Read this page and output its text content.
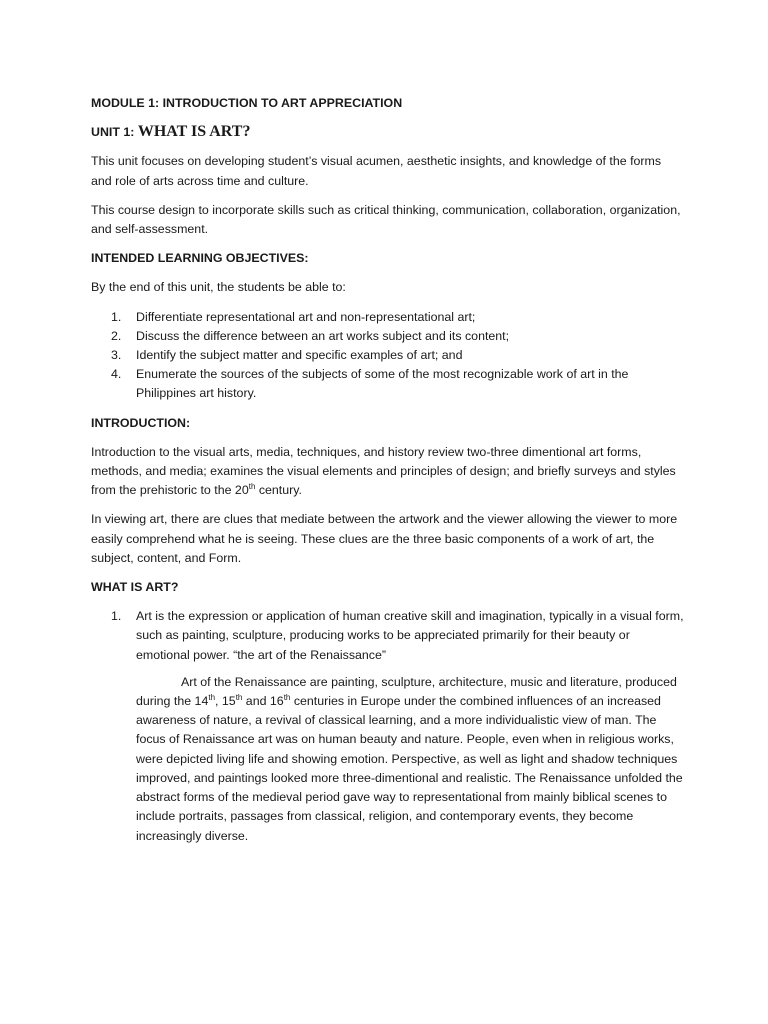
MODULE 1: INTRODUCTION TO ART APPRECIATION

UNIT 1: WHAT IS ART?

This unit focuses on developing student’s visual acumen, aesthetic insights, and knowledge of the forms and role of arts across time and culture.

This course design to incorporate skills such as critical thinking, communication, collaboration, organization, and self-assessment.

INTENDED LEARNING OBJECTIVES:

By the end of this unit, the students be able to:

1. Differentiate representational art and non-representational art;
2. Discuss the difference between an art works subject and its content;
3. Identify the subject matter and specific examples of art; and
4. Enumerate the sources of the subjects of some of the most recognizable work of art in the Philippines art history.

INTRODUCTION:

Introduction to the visual arts, media, techniques, and history review two-three dimentional art forms, methods, and media; examines the visual elements and principles of design; and briefly surveys and styles from the prehistoric to the 20th century.

In viewing art, there are clues that mediate between the artwork and the viewer allowing the viewer to more easily comprehend what he is seeing. These clues are the three basic components of a work of art, the subject, content, and Form.

WHAT IS ART?

1. Art is the expression or application of human creative skill and imagination, typically in a visual form, such as painting, sculpture, producing works to be appreciated primarily for their beauty or emotional power. “the art of the Renaissance”

Art of the Renaissance are painting, sculpture, architecture, music and literature, produced during the 14th, 15th and 16th centuries in Europe under the combined influences of an increased awareness of nature, a revival of classical learning, and a more individualistic view of man. The focus of Renaissance art was on human beauty and nature. People, even when in religious works, were depicted living life and showing emotion. Perspective, as well as light and shadow techniques improved, and paintings looked more three-dimentional and realistic. The Renaissance unfolded the abstract forms of the medieval period gave way to representational from mainly biblical scenes to include portraits, passages from classical, religion, and contemporary events, they become increasingly diverse.
